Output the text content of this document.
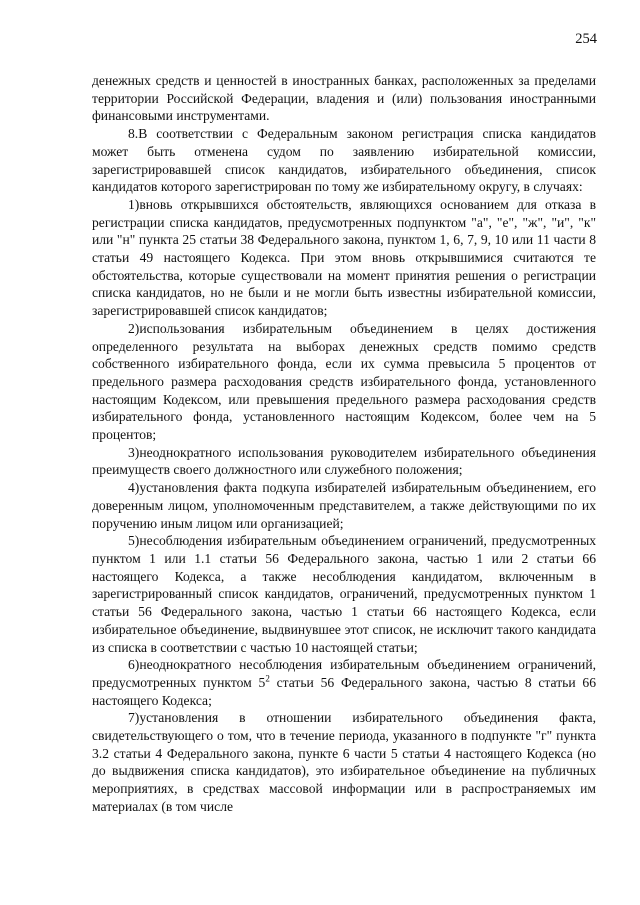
254

денежных средств и ценностей в иностранных банках, расположенных за пределами территории Российской Федерации, владения и (или) пользования иностранными финансовыми инструментами.

8.В соответствии с Федеральным законом регистрация списка кандидатов может быть отменена судом по заявлению избирательной комиссии, зарегистрировавшей список кандидатов, избирательного объединения, список кандидатов которого зарегистрирован по тому же избирательному округу, в случаях:

1)вновь открывшихся обстоятельств, являющихся основанием для отказа в регистрации списка кандидатов, предусмотренных подпунктом "а", "е", "ж", "и", "к" или "н" пункта 25 статьи 38 Федерального закона, пунктом 1, 6, 7, 9, 10 или 11 части 8 статьи 49 настоящего Кодекса. При этом вновь открывшимися считаются те обстоятельства, которые существовали на момент принятия решения о регистрации списка кандидатов, но не были и не могли быть известны избирательной комиссии, зарегистрировавшей список кандидатов;

2)использования избирательным объединением в целях достижения определенного результата на выборах денежных средств помимо средств собственного избирательного фонда, если их сумма превысила 5 процентов от предельного размера расходования средств избирательного фонда, установленного настоящим Кодексом, или превышения предельного размера расходования средств избирательного фонда, установленного настоящим Кодексом, более чем на 5 процентов;

3)неоднократного использования руководителем избирательного объединения преимуществ своего должностного или служебного положения;

4)установления факта подкупа избирателей избирательным объединением, его доверенным лицом, уполномоченным представителем, а также действующими по их поручению иным лицом или организацией;

5)несоблюдения избирательным объединением ограничений, предусмотренных пунктом 1 или 1.1 статьи 56 Федерального закона, частью 1 или 2 статьи 66 настоящего Кодекса, а также несоблюдения кандидатом, включенным в зарегистрированный список кандидатов, ограничений, предусмотренных пунктом 1 статьи 56 Федерального закона, частью 1 статьи 66 настоящего Кодекса, если избирательное объединение, выдвинувшее этот список, не исключит такого кандидата из списка в соответствии с частью 10 настоящей статьи;

6)неоднократного несоблюдения избирательным объединением ограничений, предусмотренных пунктом $5^2$ статьи 56 Федерального закона, частью 8 статьи 66 настоящего Кодекса;

7)установления в отношении избирательного объединения факта, свидетельствующего о том, что в течение периода, указанного в подпункте "г" пункта 3.2 статьи 4 Федерального закона, пункте 6 части 5 статьи 4 настоящего Кодекса (но до выдвижения списка кандидатов), это избирательное объединение на публичных мероприятиях, в средствах массовой информации или в распространяемых им материалах (в том числе
